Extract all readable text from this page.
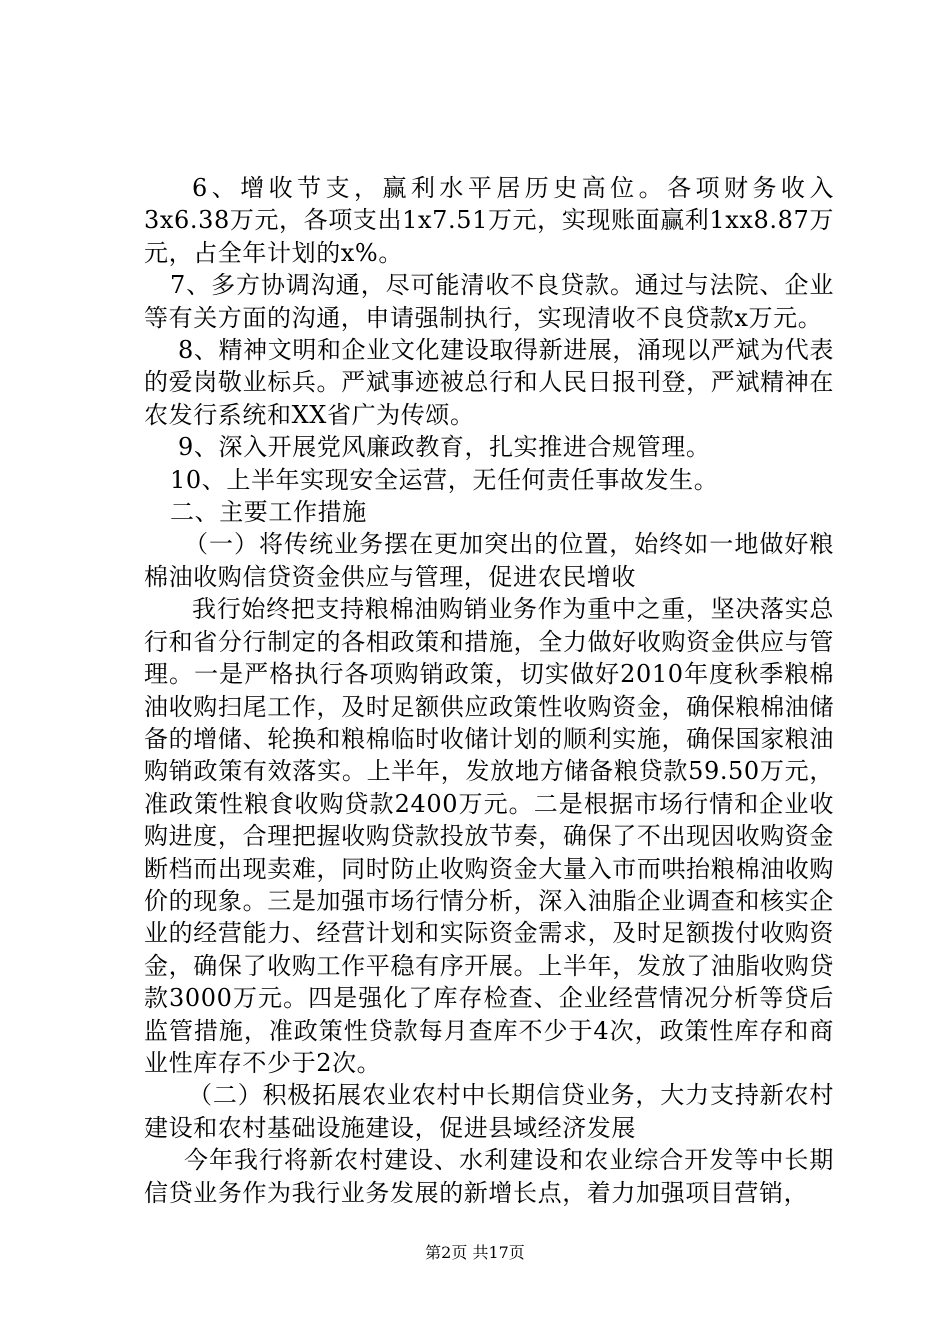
6、增收节支，赢利水平居历史高位。各项财务收入3x6.38万元，各项支出1x7.51万元，实现账面赢利1xx8.87万元，占全年计划的x%。

7、多方协调沟通，尽可能清收不良贷款。通过与法院、企业等有关方面的沟通，申请强制执行，实现清收不良贷款x万元。

8、精神文明和企业文化建设取得新进展，涌现以严斌为代表的爱岗敬业标兵。严斌事迹被总行和人民日报刊登，严斌精神在农发行系统和XX省广为传颂。

9、深入开展党风廉政教育，扎实推进合规管理。

10、上半年实现安全运营，无任何责任事故发生。

二、主要工作措施

（一）将传统业务摆在更加突出的位置，始终如一地做好粮棉油收购信贷资金供应与管理，促进农民增收

我行始终把支持粮棉油购销业务作为重中之重，坚决落实总行和省分行制定的各相政策和措施，全力做好收购资金供应与管理。一是严格执行各项购销政策，切实做好2010年度秋季粮棉油收购扫尾工作，及时足额供应政策性收购资金，确保粮棉油储备的增储、轮换和粮棉临时收储计划的顺利实施，确保国家粮油购销政策有效落实。上半年，发放地方储备粮贷款59.50万元，准政策性粮食收购贷款2400万元。二是根据市场行情和企业收购进度，合理把握收购贷款投放节奏，确保了不出现因收购资金断档而出现卖难，同时防止收购资金大量入市而哄抬粮棉油收购价的现象。三是加强市场行情分析，深入油脂企业调查和核实企业的经营能力、经营计划和实际资金需求，及时足额拨付收购资金，确保了收购工作平稳有序开展。上半年，发放了油脂收购贷款3000万元。四是强化了库存检查、企业经营情况分析等贷后监管措施，准政策性贷款每月查库不少于4次，政策性库存和商业性库存不少于2次。

（二）积极拓展农业农村中长期信贷业务，大力支持新农村建设和农村基础设施建设，促进县域经济发展

今年我行将新农村建设、水利建设和农业综合开发等中长期信贷业务作为我行业务发展的新增长点，着力加强项目营销，

第2页 共17页
